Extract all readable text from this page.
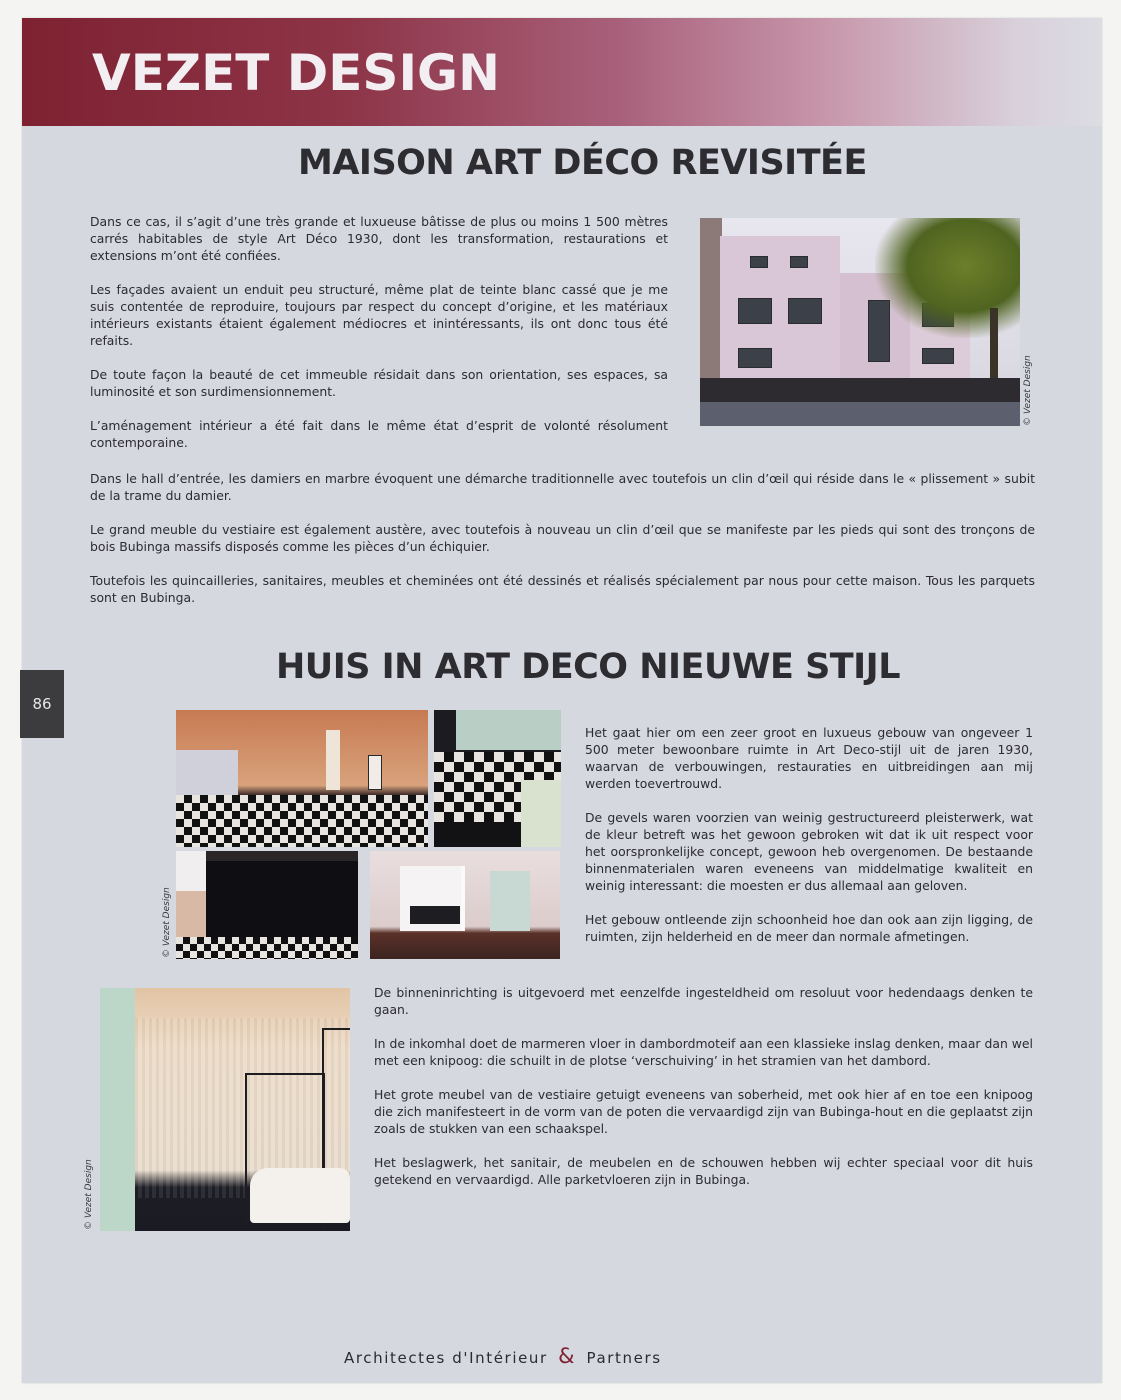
VEZET DESIGN
MAISON ART DÉCO REVISITÉE

Dans ce cas, il s’agit d’une très grande et luxueuse bâtisse de plus ou moins 1 500 mètres carrés habitables de style Art Déco 1930, dont les transformation, restaurations et extensions m’ont été confiées.

Les façades avaient un enduit peu structuré, même plat de teinte blanc cassé que je me suis contentée de reproduire, toujours par respect du concept d’origine, et les matériaux intérieurs existants étaient également médiocres et inintéressants, ils ont donc tous été refaits.

De toute façon la beauté de cet immeuble résidait dans son orientation, ses espaces, sa luminosité et son surdimensionnement.

L’aménagement intérieur a été fait dans le même état d’esprit de volonté résolument contemporaine.

© Vezet Design

Dans le hall d’entrée, les damiers en marbre évoquent une démarche traditionnelle avec toutefois un clin d’œil qui réside dans le « plissement » subit de la trame du damier.

Le grand meuble du vestiaire est également austère, avec toutefois à nouveau un clin d’œil que se manifeste par les pieds qui sont des tronçons de bois Bubinga massifs disposés comme les pièces d’un échiquier.

Toutefois les quincailleries, sanitaires, meubles et cheminées ont été dessinés et réalisés spécialement par nous pour cette maison. Tous les parquets sont en Bubinga.

86
HUIS IN ART DECO NIEUWE STIJL
© Vezet Design

Het gaat hier om een zeer groot en luxueus gebouw van ongeveer 1 500 meter bewoonbare ruimte in Art Deco-stijl uit de jaren 1930, waarvan de verbouwingen, restauraties en uitbreidingen aan mij werden toevertrouwd.

De gevels waren voorzien van weinig gestructureerd pleisterwerk, wat de kleur betreft was het gewoon gebroken wit dat ik uit respect voor het oorspronkelijke concept, gewoon heb overgenomen. De bestaande binnenmaterialen waren eveneens van middelmatige kwaliteit en weinig interessant: die moesten er dus allemaal aan geloven.

Het gebouw ontleende zijn schoonheid hoe dan ook aan zijn ligging, de ruimten, zijn helderheid en de meer dan normale afmetingen.

© Vezet Design

De binneninrichting is uitgevoerd met eenzelfde ingesteldheid om resoluut voor hedendaags denken te gaan.

In de inkomhal doet de marmeren vloer in dambordmoteif aan een klassieke inslag denken, maar dan wel met een knipoog: die schuilt in de plotse ‘verschuiving’ in het stramien van het dambord.

Het grote meubel van de vestiaire getuigt eveneens van soberheid, met ook hier af en toe een knipoog die zich manifesteert in de vorm van de poten die vervaardigd zijn van Bubinga-hout en die geplaatst zijn zoals de stukken van een schaakspel.

Het beslagwerk, het sanitair, de meubelen en de schouwen hebben wij echter speciaal voor dit huis getekend en vervaardigd. Alle parketvloeren zijn in Bubinga.

Architectes d'Intérieur & Partners
